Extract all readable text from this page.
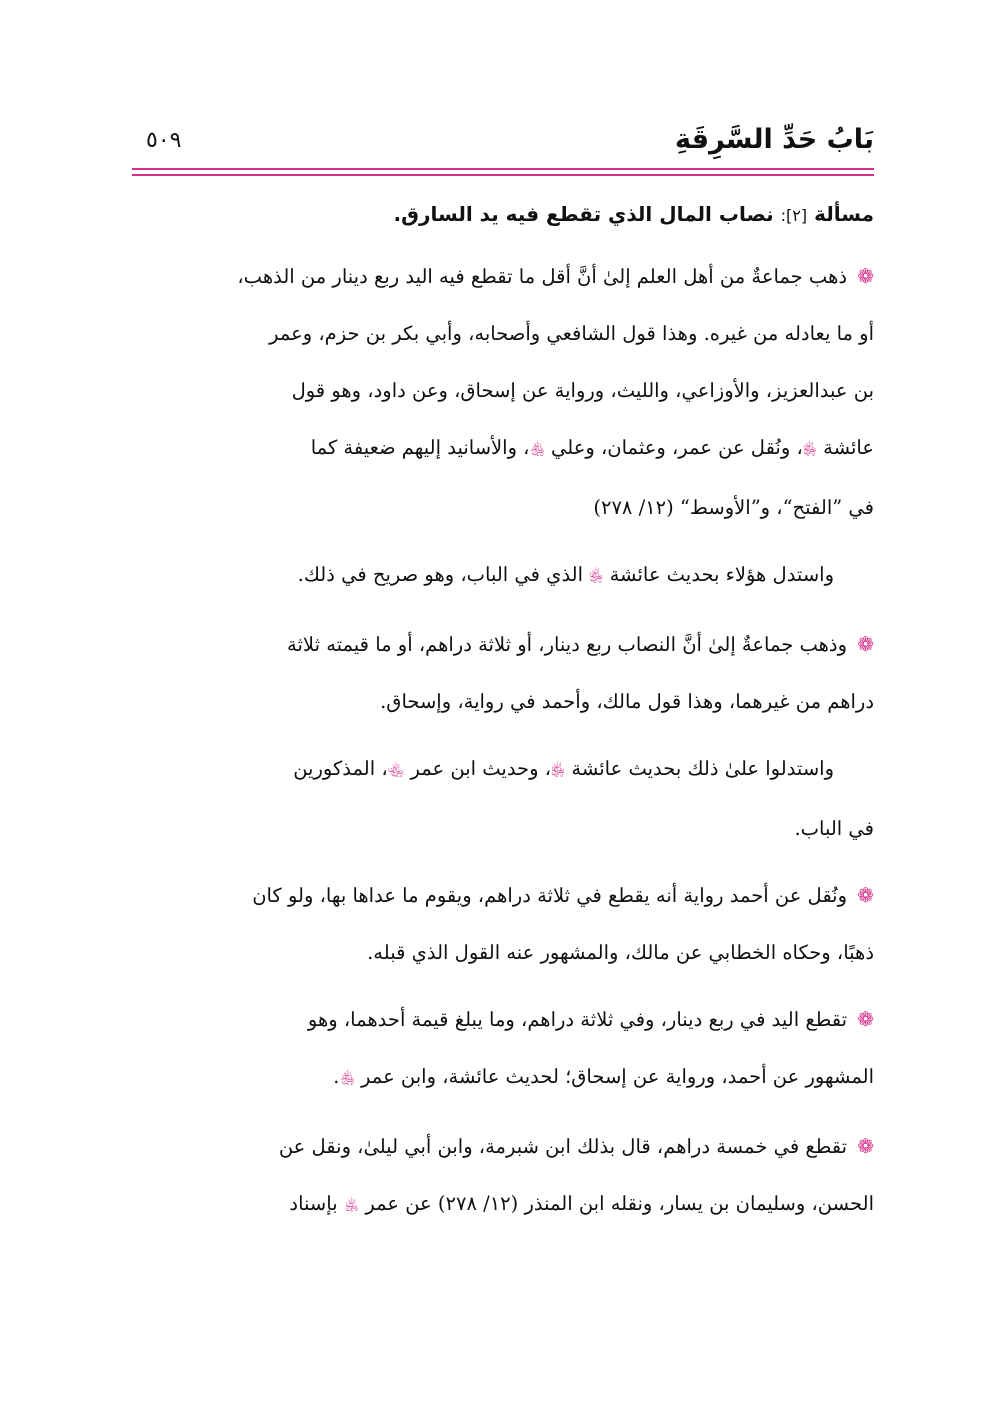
بَابُ حَدِّ السَّرِقَةِ
٥٠٩
مسألة [٢]: نصاب المال الذي تقطع فيه يد السارق.

❁ ذهب جماعةٌ من أهل العلم إلىٰ أنَّ أقل ما تقطع فيه اليد ربع دينار من الذهب،
أو ما يعادله من غيره. وهذا قول الشافعي وأصحابه، وأبي بكر بن حزم، وعمر
بن عبدالعزيز، والأوزاعي، والليث، ورواية عن إسحاق، وعن داود، وهو قول
عائشة ﵂، ونُقل عن عمر، وعثمان، وعلي ﵃، والأسانيد إليهم ضعيفة كما
في ”الفتح“، و”الأوسط“ (١٢/ ٢٧٨)

واستدل هؤلاء بحديث عائشة ﵂ الذي في الباب، وهو صريح في ذلك.

❁ وذهب جماعةٌ إلىٰ أنَّ النصاب ربع دينار، أو ثلاثة دراهم، أو ما قيمته ثلاثة
دراهم من غيرهما، وهذا قول مالك، وأحمد في رواية، وإسحاق.

واستدلوا علىٰ ذلك بحديث عائشة ﵂، وحديث ابن عمر ﵄، المذكورين
في الباب.

❁ ونُقل عن أحمد رواية أنه يقطع في ثلاثة دراهم، ويقوم ما عداها بها، ولو كان
ذهبًا، وحكاه الخطابي عن مالك، والمشهور عنه القول الذي قبله.

❁ تقطع اليد في ربع دينار، وفي ثلاثة دراهم، وما يبلغ قيمة أحدهما، وهو
المشهور عن أحمد، ورواية عن إسحاق؛ لحديث عائشة، وابن عمر ﵃.

❁ تقطع في خمسة دراهم، قال بذلك ابن شبرمة، وابن أبي ليلىٰ، ونقل عن
الحسن، وسليمان بن يسار، ونقله ابن المنذر (١٢/ ٢٧٨) عن عمر ﵁ بإسناد
